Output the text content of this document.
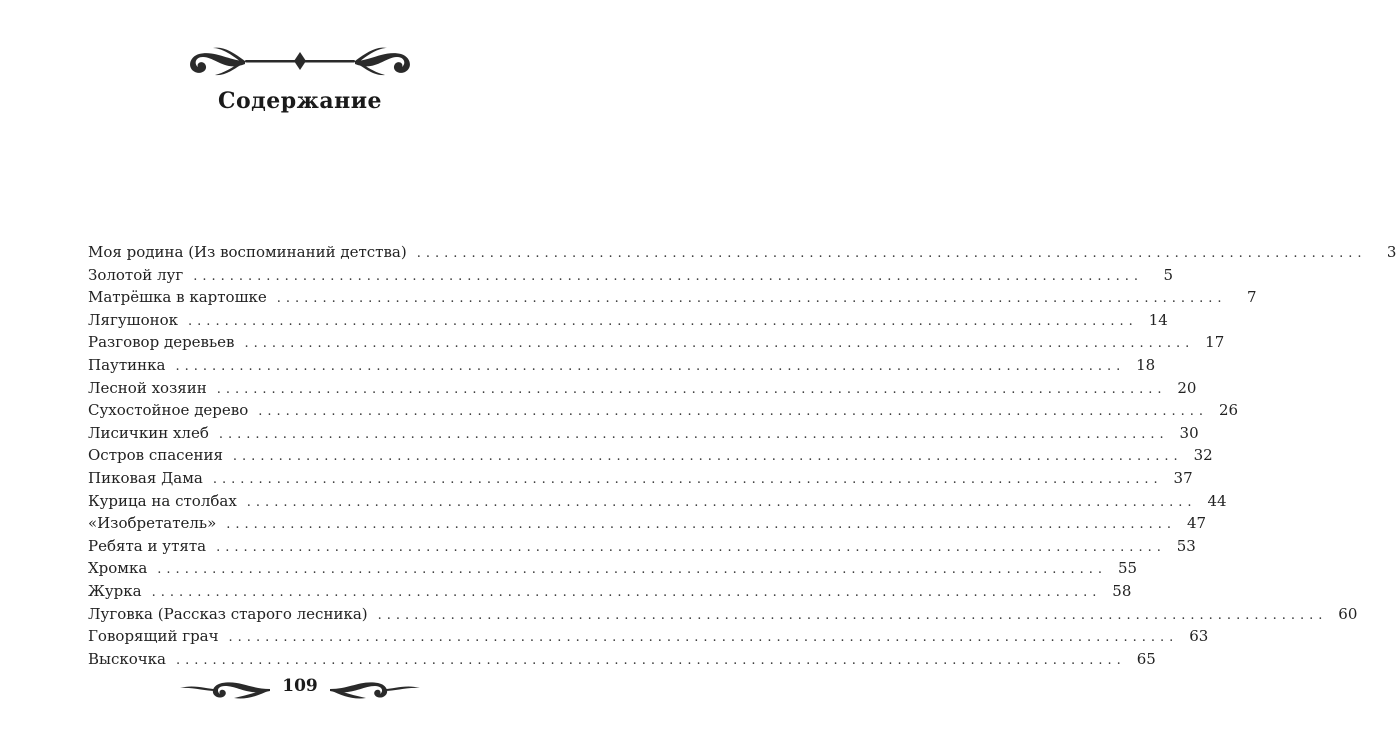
Содержание
Моя родина (Из воспоминаний детства) ........................................................................................................	3
Золотой луг ........................................................................................................	5
Матрёшка в картошке ........................................................................................................	7
Лягушонок ........................................................................................................ 14
Разговор деревьев ........................................................................................................ 17
Паутинка ........................................................................................................ 18
Лесной хозяин ........................................................................................................ 20
Сухостойное дерево ........................................................................................................ 26
Лисичкин хлеб ........................................................................................................ 30
Остров спасения ........................................................................................................ 32
Пиковая Дама ........................................................................................................ 37
Курица на столбах ........................................................................................................ 44
«Изобретатель» ........................................................................................................ 47
Ребята и утята ........................................................................................................ 53
Хромка ........................................................................................................ 55
Журка ........................................................................................................ 58
Луговка (Рассказ старого лесника) ........................................................................................................ 60
Говорящий грач ........................................................................................................ 63
Выскочка ........................................................................................................ 65
109
